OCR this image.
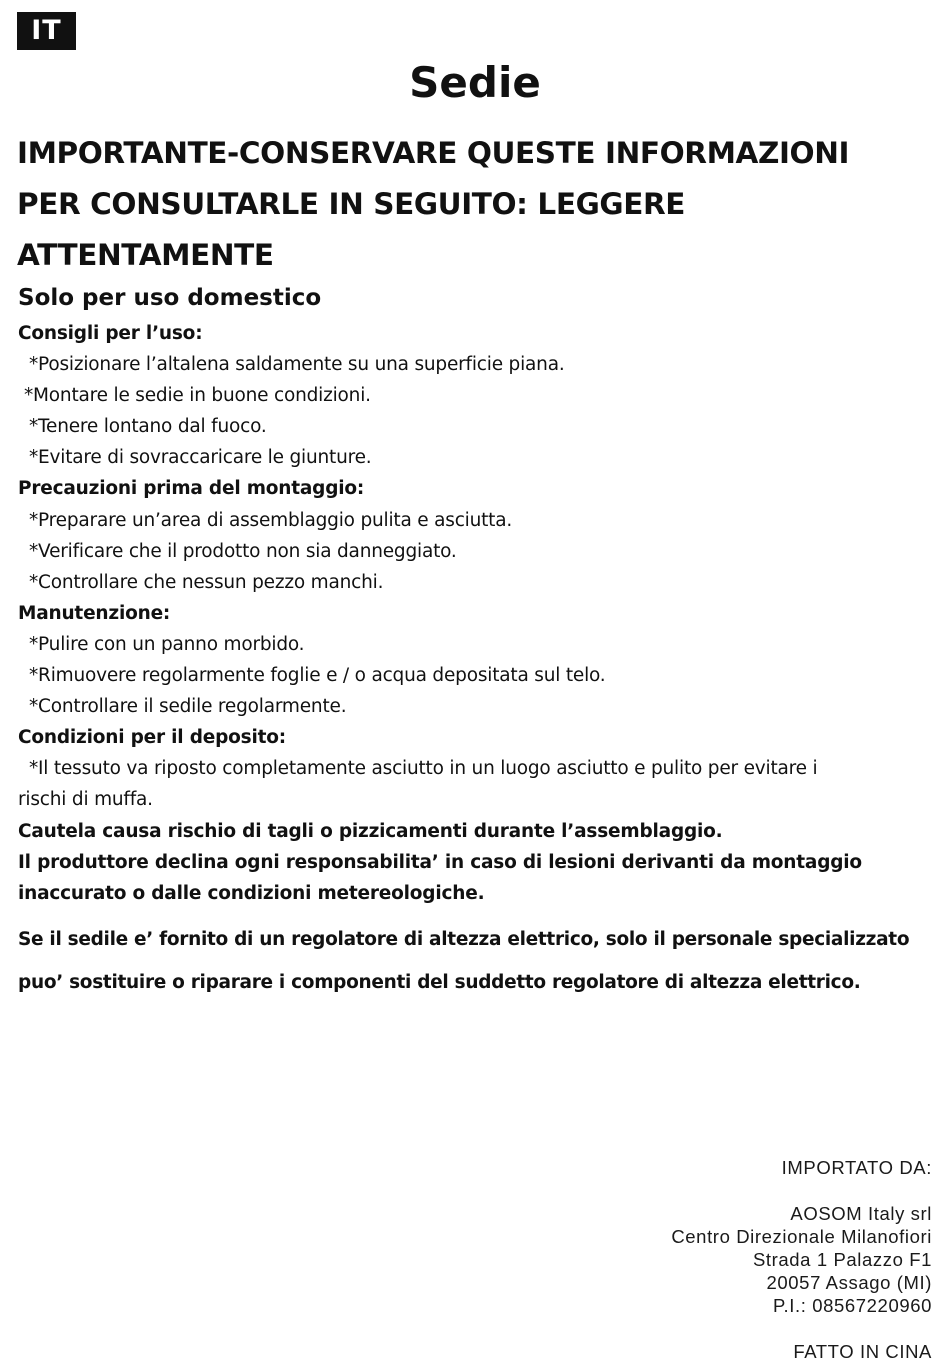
IT
Sedie
IMPORTANTE-CONSERVARE QUESTE INFORMAZIONI
PER CONSULTARLE IN SEGUITO: LEGGERE
ATTENTAMENTE
Solo per uso domestico

Consigli per l’uso:

*Posizionare l’altalena saldamente su una superficie piana.

*Montare le sedie in buone condizioni.

*Tenere lontano dal fuoco.

*Evitare di sovraccaricare le giunture.

Precauzioni prima del montaggio:

*Preparare un’area di assemblaggio pulita e asciutta.

*Verificare che il prodotto non sia danneggiato.

*Controllare che nessun pezzo manchi.

Manutenzione:

*Pulire con un panno morbido.

*Rimuovere regolarmente foglie e / o acqua depositata sul telo.

*Controllare il sedile regolarmente.

Condizioni per il deposito:

*Il tessuto va riposto completamente asciutto in un luogo asciutto e pulito per evitare i

rischi di muffa.

Cautela causa rischio di tagli o pizzicamenti durante l’assemblaggio.

Il produttore declina ogni responsabilita’ in caso di lesioni derivanti da montaggio

inaccurato o dalle condizioni metereologiche.

Se il sedile e’ fornito di un regolatore di altezza elettrico, solo il personale specializzato
puo’ sostituire o riparare i componenti del suddetto regolatore di altezza elettrico.

IMPORTATO DA:

AOSOM Italy srl

Centro Direzionale Milanofiori

Strada 1 Palazzo F1

20057 Assago (MI)

P.I.: 08567220960

FATTO IN CINA
